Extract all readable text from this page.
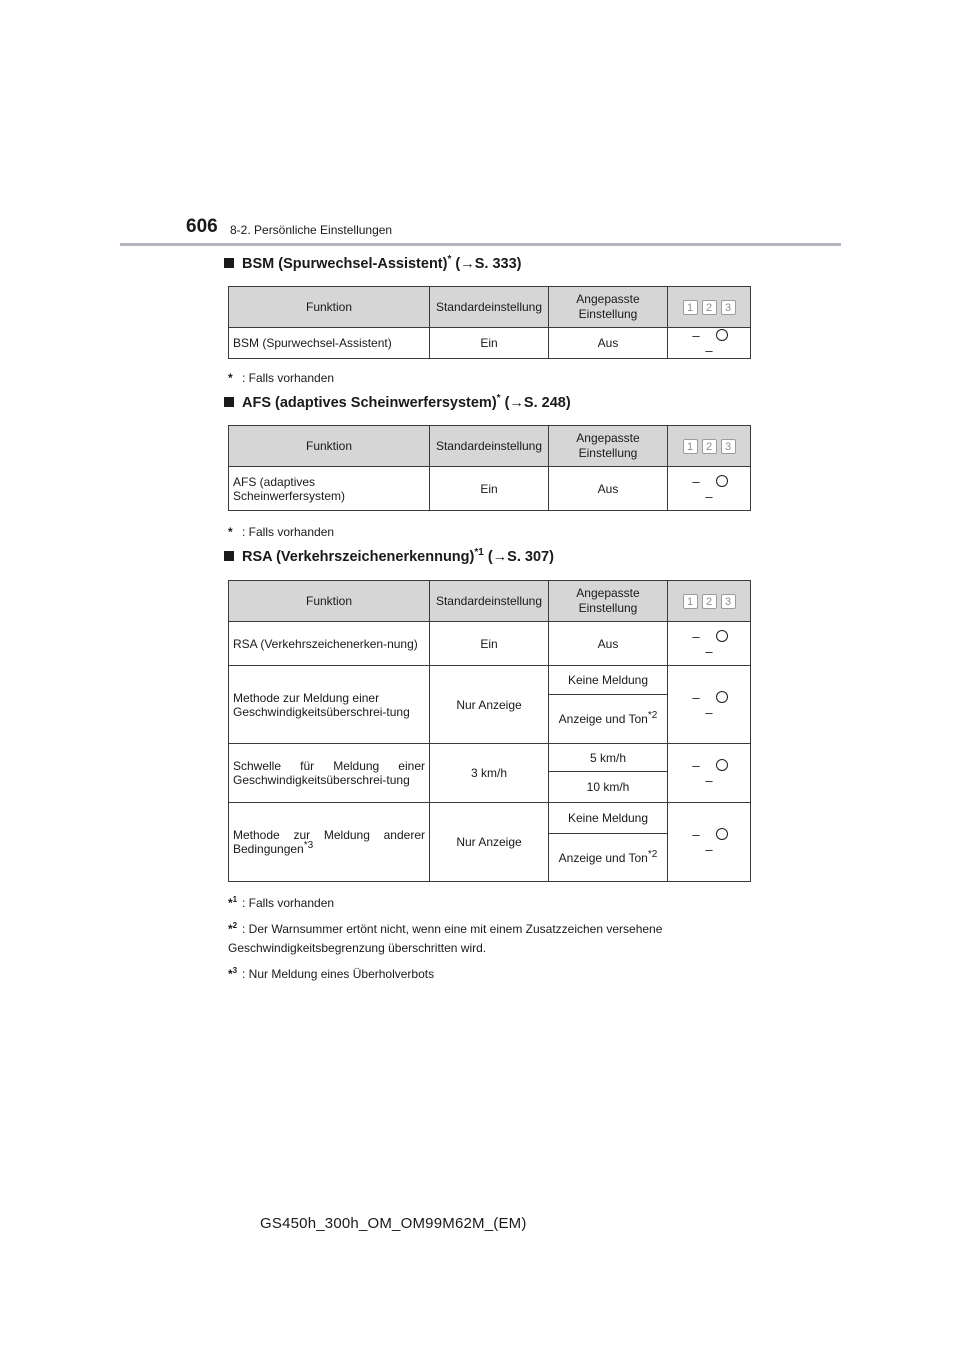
606 8-2. Persönliche Einstellungen
BSM (Spurwechsel-Assistent)* (→S. 333)
Funktion	Standardeinstellung	Angepasste Einstellung	1 2 3
BSM (Spurwechsel-Assistent)	Ein	Aus	––
* : Falls vorhanden
AFS (adaptives Scheinwerfersystem)* (→S. 248)
Funktion	Standardeinstellung	Angepasste Einstellung	1 2 3
AFS (adaptives Scheinwerfersystem)	Ein	Aus	––
* : Falls vorhanden
RSA (Verkehrszeichenerkennung)$^{*1}$ (→S. 307)
Funktion	Standardeinstellung	Angepasste Einstellung	1 2 3
RSA (Verkehrszeichenerken-nung)	Ein	Aus	––
Methode zur Meldung einer Geschwindigkeitsüberschrei-tung	Nur Anzeige	Keine Meldung	––
		Anzeige und Ton$^{*2}$
Schwelle für Meldung einer Geschwindigkeitsüberschrei-tung	3 km/h	5 km/h	––
		10 km/h	
Methode zur Meldung anderer Bedingungen$^{*3}$	Nur Anzeige	Keine Meldung	––
		Anzeige und Ton$^{*2}$
*$^1$ : Falls vorhanden
*$^2$ : Der Warnsummer ertönt nicht, wenn eine mit einem Zusatzzeichen versehene Geschwindigkeitsbegrenzung überschritten wird.
*$^3$ : Nur Meldung eines Überholverbots
GS450h_300h_OM_OM99M62M_(EM)
